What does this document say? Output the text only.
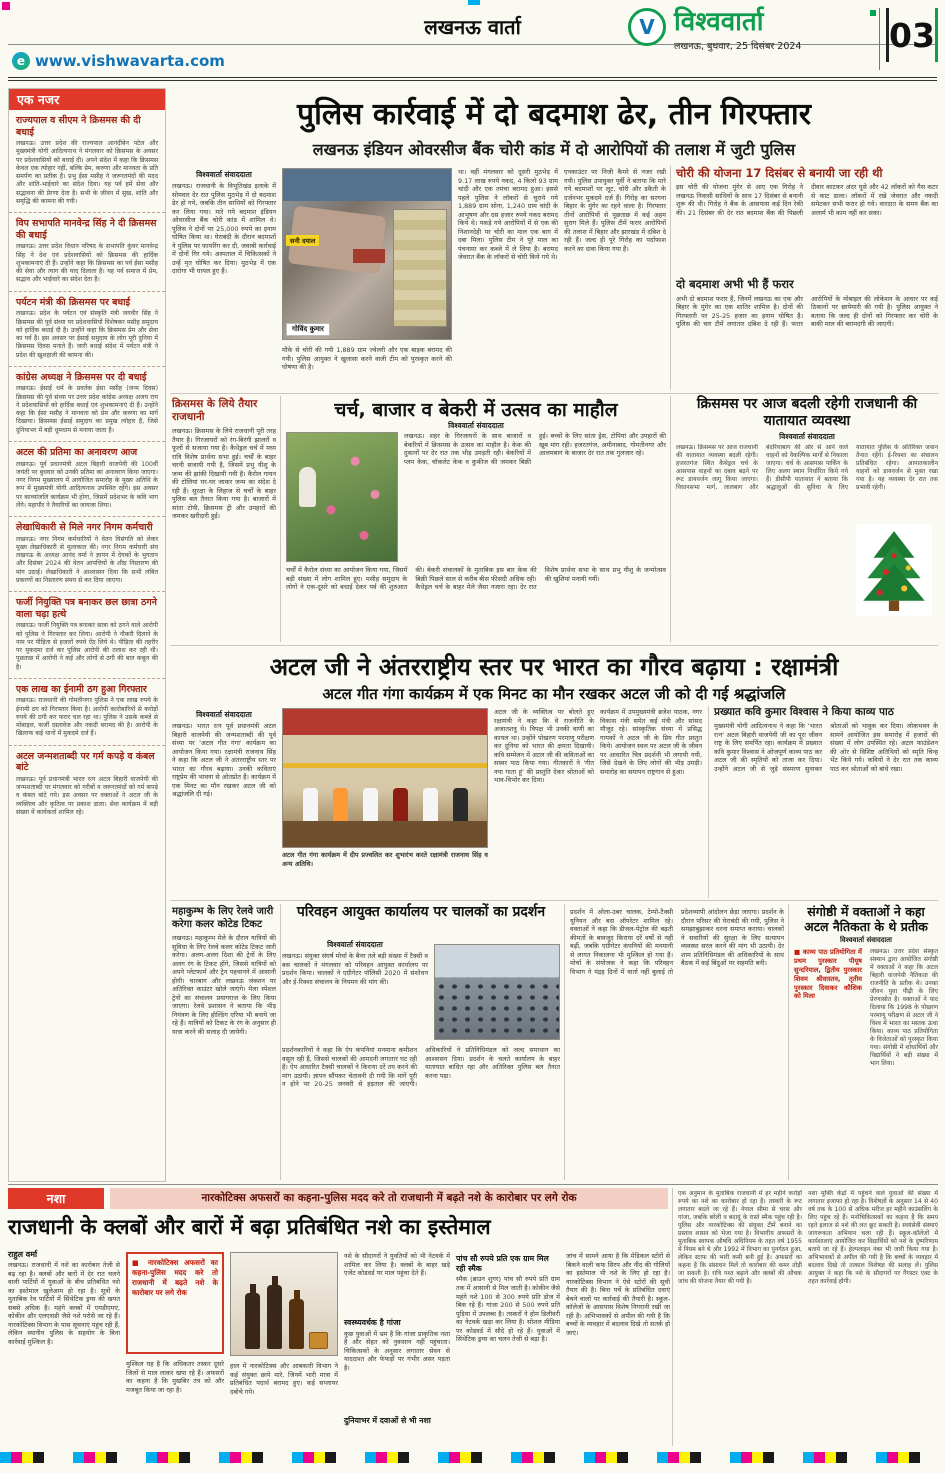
लखनऊ वार्ता
e www.vishwavarta.com
V विश्ववार्ता
लखनऊ, बुधवार, 25 दिसंबर 2024	03
एक नजर
राज्यपाल व सीएम ने क्रिसमस की दी बधाई

लखनऊ। उत्तर प्रदेश की राज्यपाल आनंदीबेन पटेल और मुख्यमंत्री योगी आदित्यनाथ ने मंगलवार को क्रिसमस के अवसर पर प्रदेशवासियों को बधाई दी। अपने संदेश में कहा कि क्रिसमस केवल एक त्योहार नहीं, बल्कि प्रेम, करुणा और मानवता के प्रति समर्पण का प्रतीक है। प्रभु ईसा मसीह ने जरूरतमंदों की मदद और शांति-भाईचारे का संदेश दिया। यह पर्व हमें सेवा और सद्भावना की प्रेरणा देता है। सभी के जीवन में सुख, शांति और समृद्धि की कामना की गयी।

विप सभापति मानवेन्द्र सिंह ने दी क्रिसमस की बधाई

लखनऊ। उत्तर प्रदेश विधान परिषद के सभापति कुंवर मानवेन्द्र सिंह ने देश एवं प्रदेशवासियों को क्रिसमस की हार्दिक शुभकामनाएं दी हैं। उन्होंने कहा कि क्रिसमस का पर्व ईसा मसीह की सेवा और त्याग की याद दिलाता है। यह पर्व समाज में प्रेम, सद्भाव और भाईचारे का संदेश देता है।

पर्यटन मंत्री की क्रिसमस पर बधाई

लखनऊ। प्रदेश के पर्यटन एवं संस्कृति मंत्री जयवीर सिंह ने क्रिसमस की पूर्व संध्या पर प्रदेशवासियों विशेषकर मसीह समुदाय को हार्दिक बधाई दी है। उन्होंने कहा कि क्रिसमस प्रेम और सेवा का पर्व है। इस अवसर पर ईसाई समुदाय के लोग पूरी दुनिया में क्रिसमस दिवस मनाते हैं। जारी बधाई संदेश में पर्यटन मंत्री ने प्रदेश की खुशहाली की कामना की।

कांग्रेस अध्यक्ष ने क्रिसमस पर दी बधाई

लखनऊ। ईसाई धर्म के प्रवर्तक ईसा मसीह (जन्म दिवस) क्रिसमस की पूर्व संध्या पर उत्तर प्रदेश कांग्रेस अध्यक्ष अजय राय ने प्रदेशवासियों को हार्दिक बधाई एवं शुभकामनाएं दी हैं। उन्होंने कहा कि ईसा मसीह ने मानवता को प्रेम और करुणा का मार्ग दिखाया। क्रिसमस ईसाई समुदाय का प्रमुख त्योहार है, जिसे दुनियाभर में बड़ी धूमधाम से मनाया जाता है।

अटल की प्रतिमा का अनावरण आज

लखनऊ। पूर्व प्रधानमंत्री अटल बिहारी वाजपेयी की 100वीं जयंती पर बुधवार को उनकी प्रतिमा का अनावरण किया जाएगा। नगर निगम मुख्यालय में आयोजित समारोह के मुख्य अतिथि के रूप में मुख्यमंत्री योगी आदित्यनाथ उपस्थित रहेंगे। इस अवसर पर काव्यांजलि कार्यक्रम भी होगा, जिसमें प्रदेशभर के कवि भाग लेंगे। महापौर ने तैयारियों का जायजा लिया।

लेखाधिकारी से मिले नगर निगम कर्मचारी

लखनऊ। नगर निगम कर्मचारियों ने वेतन विसंगति को लेकर मुख्य लेखाधिकारी से मुलाकात की। नगर निगम कर्मचारी संघ लखनऊ के अध्यक्ष आनंद वर्मा ने ज्ञापन में देयकों के भुगतान और दिसंबर 2024 की वेतन आपत्तियों के शीघ्र निस्तारण की मांग उठाई। लेखाधिकारी ने आश्वासन दिया कि सभी लंबित प्रकरणों का निस्तारण समय से कर दिया जाएगा।

फर्जी नियुक्ति पत्र बनाकर छल छात्रा ठगने वाला चढ़ा हत्थे

लखनऊ। फर्जी नियुक्ति पत्र बनाकर छात्रा को ठगने वाले आरोपी को पुलिस ने गिरफ्तार कर लिया। आरोपी ने नौकरी दिलाने के नाम पर पीड़िता से हजारों रुपये ऐंठ लिये थे। पीड़िता की तहरीर पर मुकदमा दर्ज कर पुलिस आरोपी की तलाश कर रही थी। पूछताछ में आरोपी ने कई और लोगों से ठगी की बात कबूल की है।

एक लाख का ईनामी ठग हुआ गिरफ्तार

लखनऊ। राजधानी की गोमतीनगर पुलिस ने एक लाख रुपये के ईनामी ठग को गिरफ्तार किया है। आरोपी कारोबारियों से करोड़ों रुपये की ठगी कर फरार चल रहा था। पुलिस ने उसके कब्जे से मोबाइल, फर्जी दस्तावेज और नकदी बरामद की है। आरोपी के खिलाफ कई थानों में मुकदमे दर्ज हैं।

अटल जन्मशताब्दी पर गर्म कपड़े व कंबल बांटे

लखनऊ। पूर्व प्रधानमंत्री भारत रत्न अटल बिहारी वाजपेयी की जन्मशताब्दी पर मंगलवार को गरीबों व जरूरतमंदों को गर्म कपड़े व कंबल बांटे गये। इस अवसर पर वक्ताओं ने अटल जी के व्यक्तित्व और कृतित्व पर प्रकाश डाला। सेवा कार्यक्रम में बड़ी संख्या में कार्यकर्ता शामिल रहे।

पुलिस कार्रवाई में दो बदमाश ढेर, तीन गिरफ्तार
लखनऊ इंडियन ओवरसीज बैंक चोरी कांड में दो आरोपियों की तलाश में जुटी पुलिस
विश्ववार्ता संवाददाता
लखनऊ। राजधानी के विभूतिखंड इलाके में सोमवार देर रात पुलिस मुठभेड़ में दो बदमाश ढेर हो गये, जबकि तीन साथियों को गिरफ्तार कर लिया गया। मारे गये बदमाश इंडियन ओवरसीज बैंक चोरी कांड में शामिल थे। पुलिस ने दोनों पर 25,000 रुपये का इनाम घोषित किया था। घेराबंदी के दौरान बदमाशों ने पुलिस पर फायरिंग कर दी, जवाबी कार्रवाई में दोनों गिर गये। अस्पताल में चिकित्सकों ने उन्हें मृत घोषित कर दिया। मुठभेड़ में एक दारोगा भी घायल हुए हैं।
सनी दयाल
गोविंद कुमार
मौके से चोरी की गयी 1,889 ग्राम ज्वेलरी और एक बाइक बरामद की गयी। पुलिस आयुक्त ने खुलासा करने वाली टीम को पुरस्कृत करने की घोषणा की है।
था। वहीं मंगलवार को दूसरी मुठभेड़ में 9.17 लाख रुपये नकद, 4 किलो 93 ग्राम चांदी और एक तमंचा बरामद हुआ। इससे पहले पुलिस ने लॉकरों से चुराये गये 1,889 ग्राम सोना, 1,240 ग्राम चांदी के आभूषण और दस हजार रुपये नकद बरामद किये थे। पकड़े गये आरोपियों में से एक की निशानदेही पर चोरी का माल एक बाग में दबा मिला। पुलिस टीम ने पूरे माल का पंचनामा कर कब्जे में ले लिया है। बरामद जेवरात बैंक के लॉकरों से चोरी किये गये थे।
एनकाउंटर पर निजी कैमरे से नजर रखी गयी। पुलिस उपायुक्त पूर्वी ने बताया कि मारे गये बदमाशों पर लूट, चोरी और डकैती के दर्जनभर मुकदमे दर्ज हैं। गिरोह का सरगना बिहार के मुंगेर का रहने वाला है। गिरफ्तार तीनों आरोपियों से पूछताछ में कई अहम सुराग मिले हैं। पुलिस टीमें फरार आरोपियों की तलाश में बिहार और झारखंड में दबिश दे रही हैं। जल्द ही पूरे गिरोह का पर्दाफाश करने का दावा किया गया है।
चोरी की योजना 17 दिसंबर से बनायी जा रही थी
इस चोरी की योजना मुंगेर से आए एक गिरोह ने लखनऊ निवासी साथियों के साथ 17 दिसंबर से बनानी शुरू की थी। गिरोह ने बैंक के आसपास कई दिन रेकी की। 21 दिसंबर की देर रात बदमाश बैंक की पिछली दीवार काटकर अंदर घुसे और 42 लॉकरों को गैस कटर से काट डाला। लॉकरों में रखे जेवरात और नकदी समेटकर सभी फरार हो गये। वारदात के समय बैंक का अलार्म भी काम नहीं कर सका।
दो बदमाश अभी भी हैं फरार
अभी दो बदमाश फरार हैं, जिनमें लखनऊ का एक और बिहार के मुंगेर का एक शातिर शामिल है। दोनों की गिरफ्तारी पर 25-25 हजार का इनाम घोषित है। पुलिस की चार टीमें लगातार दबिश दे रही हैं। फरार आरोपियों के मोबाइल की लोकेशन के आधार पर कई ठिकानों पर छापेमारी की गयी है। पुलिस आयुक्त ने बताया कि जल्द ही दोनों को गिरफ्तार कर चोरी के बाकी माल की बरामदगी की जाएगी।
क्रिसमस के लिये तैयार राजधानी
लखनऊ। क्रिसमस के लिये राजधानी पूरी तरह तैयार है। गिरजाघरों को रंग-बिरंगी झालरों व फूलों से सजाया गया है। कैथेड्रल चर्च में मध्य रात्रि विशेष प्रार्थना सभा हुई। चर्चों के बाहर चरनी सजायी गयी है, जिसमें प्रभु यीशु के जन्म की झांकी दिखायी गयी है। कैरोल गायन की टोलियां घर-घर जाकर जन्म का संदेश दे रही हैं। सुरक्षा के लिहाज से चर्चों के बाहर पुलिस बल तैनात किया गया है। बाजारों में सांता टोपी, क्रिसमस ट्री और उपहारों की जमकर खरीदारी हुई।
चर्च, बाजार व बेकरी में उत्सव का माहौल
विश्ववार्ता संवाददाता
लखनऊ। शहर के गिरजाघरों के साथ बाजारों व बेकरियों में क्रिसमस के उत्सव का माहौल है। केक की दुकानों पर देर रात तक भीड़ उमड़ती रही। बेकरियों में प्लम केक, चॉकलेट केक व कुकीज की जमकर बिक्री हुई। बच्चों के लिए सांता ड्रेस, टोपियां और उपहारों की खूब मांग रही। हजरतगंज, अमीनाबाद, गोमतीनगर और आलमबाग के बाजार देर रात तक गुलजार रहे।
चर्चों में कैरोल संध्या का आयोजन किया गया, जिसमें बड़ी संख्या में लोग शामिल हुए। मसीह समुदाय के लोगों ने एक-दूसरे को बधाई देकर पर्व की शुरुआत की। बेकरी संचालकों के मुताबिक इस बार केक की बिक्री पिछले साल से करीब बीस फीसदी अधिक रही। कैथेड्रल चर्च के बाहर मेले जैसा नजारा रहा। देर रात विशेष प्रार्थना सभा के साथ प्रभु यीशु के जन्मोत्सव की खुशियां मनायी गयीं।
क्रिसमस पर आज बदली रहेगी राजधानी की यातायात व्यवस्था
विश्ववार्ता संवाददाता
लखनऊ। क्रिसमस पर आज राजधानी की यातायात व्यवस्था बदली रहेगी। हजरतगंज स्थित कैथेड्रल चर्च के आसपास वाहनों का दबाव बढ़ने पर रूट डायवर्जन लागू किया जाएगा। विधानसभा मार्ग, लालबाग और बंदरियाबाग की ओर से आने वाले वाहनों को वैकल्पिक मार्गों से निकाला जाएगा। चर्च के आसपास पार्किंग के लिए अलग स्थान निर्धारित किये गये हैं। डीसीपी यातायात ने बताया कि श्रद्धालुओं की सुविधा के लिए यातायात पुलिस के अतिरिक्त जवान तैनात रहेंगे। ई-रिक्शा का संचालन प्रतिबंधित रहेगा। आपातकालीन वाहनों को डायवर्जन से मुक्त रखा गया है। यह व्यवस्था देर रात तक प्रभावी रहेगी।
अटल जी ने अंतरराष्ट्रीय स्तर पर भारत का गौरव बढ़ाया : रक्षामंत्री
अटल गीत गंगा कार्यक्रम में एक मिनट का मौन रखकर अटल जी को दी गई श्रद्धांजलि
विश्ववार्ता संवाददाता
लखनऊ। भारत रत्न पूर्व प्रधानमंत्री अटल बिहारी वाजपेयी की जन्मशताब्दी की पूर्व संध्या पर 'अटल गीत गंगा' कार्यक्रम का आयोजन किया गया। रक्षामंत्री राजनाथ सिंह ने कहा कि अटल जी ने अंतरराष्ट्रीय स्तर पर भारत का गौरव बढ़ाया। उनकी कविताएं राष्ट्रप्रेम की भावना से ओतप्रोत हैं। कार्यक्रम में एक मिनट का मौन रखकर अटल जी को श्रद्धांजलि दी गई।
अटल गीत गंगा कार्यक्रम में दीप प्रज्वलित कर शुभारंभ करते रक्षामंत्री राजनाथ सिंह व अन्य अतिथि।
अटल जी के व्यक्तित्व पर बोलते हुए रक्षामंत्री ने कहा कि वे राजनीति के अजातशत्रु थे। विपक्ष भी उनकी वाणी का कायल था। उन्होंने पोखरण परमाणु परीक्षण कर दुनिया को भारत की क्षमता दिखायी। कवि सम्मेलन में अटल जी की कविताओं का सस्वर पाठ किया गया। गीतकारों ने 'गीत नया गाता हूं' की प्रस्तुति देकर श्रोताओं को भाव-विभोर कर दिया।
कार्यक्रम में उपमुख्यमंत्री ब्रजेश पाठक, नगर विकास मंत्री समेत कई मंत्री और सांसद मौजूद रहे। सांस्कृतिक संध्या में प्रसिद्ध गायकों ने अटल जी के प्रिय गीत प्रस्तुत किये। आयोजन स्थल पर अटल जी के जीवन पर आधारित चित्र प्रदर्शनी भी लगायी गयी, जिसे देखने के लिए लोगों की भीड़ उमड़ी। समारोह का समापन राष्ट्रगान से हुआ।
प्रख्यात कवि कुमार विश्वास ने किया काव्य पाठ
मुख्यमंत्री योगी आदित्यनाथ ने कहा कि 'भारत रत्न' अटल बिहारी वाजपेयी जी का पूरा जीवन राष्ट्र के लिए समर्पित रहा। कार्यक्रम में प्रख्यात कवि कुमार विश्वास ने ओजपूर्ण काव्य पाठ कर अटल जी की स्मृतियों को ताजा कर दिया। उन्होंने अटल जी से जुड़े संस्मरण सुनाकर श्रोताओं को भावुक कर दिया। लोकभवन के सामने आयोजित इस समारोह में हजारों की संख्या में लोग उपस्थित रहे। अटल फाउंडेशन की ओर से विशिष्ट अतिथियों को स्मृति चिन्ह भेंट किये गये। कवियों ने देर रात तक काव्य पाठ कर श्रोताओं को बांधे रखा।
महाकुम्भ के लिए रेलवे जारी करेगा कलर कोटेड टिकट
लखनऊ। महाकुम्भ मेले के दौरान यात्रियों की सुविधा के लिए रेलवे कलर कोटेड टिकट जारी करेगा। अलग-अलग दिशा की ट्रेनों के लिए अलग रंग के टिकट होंगे, जिससे यात्रियों को अपने प्लेटफार्म और ट्रेन पहचानने में आसानी होगी। चारबाग और लखनऊ जंक्शन पर अतिरिक्त काउंटर खोले जाएंगे। मेला स्पेशल ट्रेनों का संचालन प्रयागराज के लिए किया जाएगा। रेलवे प्रशासन ने बताया कि भीड़ नियंत्रण के लिए होल्डिंग एरिया भी बनाये जा रहे हैं। यात्रियों को टिकट के रंग के अनुसार ही यात्रा करने की सलाह दी जायेगी।
परिवहन आयुक्त कार्यालय पर चालकों का प्रदर्शन
विश्ववार्ता संवाददाता
लखनऊ। संयुक्त संघर्ष मोर्चा के बैनर तले बड़ी संख्या में टैक्सी व बस चालकों ने मंगलवार को परिवहन आयुक्त कार्यालय पर प्रदर्शन किया। चालकों ने एग्रीगेटर पॉलिसी 2020 में संशोधन और ई-रिक्शा संचालन के नियमन की मांग की।
प्रदर्शनकारियों ने कहा कि ऐप कंपनियां मनमाना कमीशन वसूल रही हैं, जिससे चालकों की आमदनी लगातार घट रही है। ऐप आधारित टैक्सी चालकों ने किराया दरें तय करने की मांग उठायी। ज्ञापन सौंपकर चेतावनी दी गयी कि मांगें पूरी न होने पर 20-25 जनवरी से हड़ताल की जाएगी। अधिकारियों ने प्रतिनिधिमंडल को जल्द समाधान का आश्वासन दिया। प्रदर्शन के चलते कार्यालय के बाहर यातायात बाधित रहा और अतिरिक्त पुलिस बल तैनात करना पड़ा।
प्रदर्शन में ओला-उबर चालक, टेम्पो-टैक्सी यूनियन और बस ऑपरेटर शामिल रहे। वक्ताओं ने कहा कि डीजल-पेट्रोल की बढ़ती कीमतों के बावजूद किराया दरें वर्षों से नहीं बढ़ीं, जबकि एग्रीगेटर कंपनियों की मनमानी से लागत निकालना भी मुश्किल हो गया है। मोर्चा के संयोजक ने कहा कि परिवहन विभाग ने पंद्रह दिनों में वार्ता नहीं बुलाई तो प्रदेशव्यापी आंदोलन छेड़ा जाएगा। प्रदर्शन के दौरान परिसर की घेराबंदी की गयी, पुलिस ने समझाबुझाकर धरना समाप्त कराया। चालकों ने सवारियों की सुरक्षा के लिए सत्यापन व्यवस्था सरल करने की मांग भी उठायी। देर शाम प्रतिनिधिमंडल की अधिकारियों के साथ बैठक में कई बिंदुओं पर सहमति बनी।
संगोष्ठी में वक्ताओं ने कहा अटल नैतिकता के थे प्रतीक
विश्ववार्ता संवाददाता
■ काव्य पाठ प्रतियोगिता में प्रथम पुरस्कार पीयूष सुन्दरियाल, द्वितीय पुरस्कार शिवम श्रीवास्तव, तृतीय पुरस्कार दिवाकर कौशिक को मिला
लखनऊ। उत्तर प्रदेश संस्कृत संस्थान द्वारा आयोजित संगोष्ठी में वक्ताओं ने कहा कि अटल बिहारी वाजपेयी नैतिकता की राजनीति के प्रतीक थे। उनका जीवन युवा पीढ़ी के लिए प्रेरणास्रोत है। वक्ताओं ने याद दिलाया कि 1998 के पोखरण परमाणु परीक्षण से अटल जी ने विश्व में भारत का मस्तक ऊंचा किया। काव्य पाठ प्रतियोगिता के विजेताओं को पुरस्कृत किया गया। संगोष्ठी में शोधार्थियों और विद्यार्थियों ने बड़ी संख्या में भाग लिया।
नशा	नारकोटिक्स अफसरों का कहना-पुलिस मदद करे तो राजधानी में बढ़ते नशे के कारोबार पर लगे रोक
राजधानी के क्लबों और बारों में बढ़ा प्रतिबंधित नशे का इस्तेमाल
राहुल वर्मा
लखनऊ। राजधानी में नशे का कारोबार तेजी से बढ़ रहा है। क्लबों और बारों में देर रात चलने वाली पार्टियों में युवाओं के बीच प्रतिबंधित नशे का इस्तेमाल खुलेआम हो रहा है। सूत्रों के मुताबिक रेव पार्टियों में सिंथेटिक ड्रग्स की खपत सबसे अधिक है। महंगे क्लबों में एमडीएमए, कोकीन और एलएसडी जैसे नशे परोसे जा रहे हैं। नारकोटिक्स विभाग के पास सूचनाएं पहुंच रही हैं, लेकिन स्थानीय पुलिस के सहयोग के बिना कार्रवाई मुश्किल है।
■ नारकोटिक्स अफसरों का कहना-पुलिस मदद करे तो राजधानी में बढ़ते नशे के कारोबार पर लगे रोक
मुश्किल यह है कि अधिकतर तस्कर दूसरे जिलों से माल लाकर खपा रहे हैं। अफसरों का कहना है कि मुखबिर तंत्र को और मजबूत किया जा रहा है।
हाल में नारकोटिक्स और आबकारी विभाग ने कई संयुक्त छापे मारे, जिनमें भारी मात्रा में प्रतिबंधित पदार्थ बरामद हुए। कई सप्लायर दबोचे गये।
नशे के सौदागरों ने युवतियों को भी नेटवर्क में शामिल कर लिया है। क्लबों के बाहर खड़े एजेंट कोडवर्ड पर माल पहुंचा देते हैं।
स्वस्थ्यवर्धक है गांजा
कुछ युवाओं में भ्रम है कि गांजा प्राकृतिक नशा है और सेहत को नुकसान नहीं पहुंचाता। चिकित्सकों के अनुसार लगातार सेवन से याददाश्त और फेफड़ों पर गंभीर असर पड़ता है।
दुनियाभर में दवाओं से भी नशा
पांच सौ रुपये प्रति एक ग्राम मिल रही स्मैक
स्मैक (ब्राउन शुगर) पांच सौ रुपये प्रति ग्राम तक में आसानी से मिल जाती है। कोकीन जैसे महंगे नशे 100 से 300 रुपये प्रति डोज में बिक रहे हैं। गांजा 200 से 500 रुपये प्रति पुड़िया में उपलब्ध है। तस्करों ने होम डिलीवरी का नेटवर्क खड़ा कर लिया है। सोशल मीडिया पर कोडवर्ड में सौदे हो रहे हैं। युवाओं में सिंथेटिक ड्रग्स का चलन तेजी से बढ़ा है।
जांच में सामने आया है कि मेडिकल स्टोरों से बिकने वाली कफ सिरप और नींद की गोलियों का इस्तेमाल भी नशे के लिए हो रहा है। नारकोटिक्स विभाग ने ऐसे स्टोरों की सूची तैयार की है। बिना पर्चे के प्रतिबंधित दवाएं बेचने वालों पर कार्रवाई की तैयारी है। स्कूल-कॉलेजों के आसपास विशेष निगरानी रखी जा रही है। अभिभावकों से अपील की गयी है कि बच्चों के व्यवहार में बदलाव दिखे तो सतर्क हो जाएं।
एक अनुमान के मुताबिक राजधानी में हर महीने करोड़ों रुपये का नशे का कारोबार हो रहा है। तस्करी के रूट लगातार बदले जा रहे हैं। नेपाल सीमा से चरस और गांजा, जबकि बरेली व बदायूं के रास्ते स्मैक पहुंच रही है। पुलिस और नारकोटिक्स की संयुक्त टीमें बनाने का प्रस्ताव शासन को भेजा गया है। विभागीय अफसरों के मुताबिक स्वापक औषधि अधिनियम के तहत वर्ष 1955 में नियम बने थे और 1992 में विभाग का पुनर्गठन हुआ, लेकिन स्टाफ की भारी कमी बनी हुई है। अफसरों का कहना है कि संसाधन मिलें तो कारोबार की कमर तोड़ी जा सकती है। रात्रि गश्त बढ़ाने और क्लबों की औचक जांच की योजना तैयार की गयी है।
नशा मुक्ति केंद्रों में पहुंचने वाले युवाओं की संख्या में लगातार इजाफा हो रहा है। विशेषज्ञों के अनुसार 14 से 40 वर्ष तक के 100 से अधिक मरीज हर महीने काउंसलिंग के लिए पहुंच रहे हैं। मनोचिकित्सकों का कहना है कि समय रहते इलाज से नशे की लत छूट सकती है। स्वयंसेवी संस्थाएं जागरूकता अभियान चला रही हैं। स्कूल-कॉलेजों में कार्यशालाएं आयोजित कर विद्यार्थियों को नशे के दुष्परिणाम बताये जा रहे हैं। हेल्पलाइन नंबर भी जारी किया गया है। अभिभावकों से अपील की गयी है कि बच्चों के व्यवहार में बदलाव दिखे तो तत्काल विशेषज्ञ की सलाह लें। पुलिस आयुक्त ने कहा कि नशे के सौदागरों पर गैंगस्टर एक्ट के तहत कार्रवाई होगी।
